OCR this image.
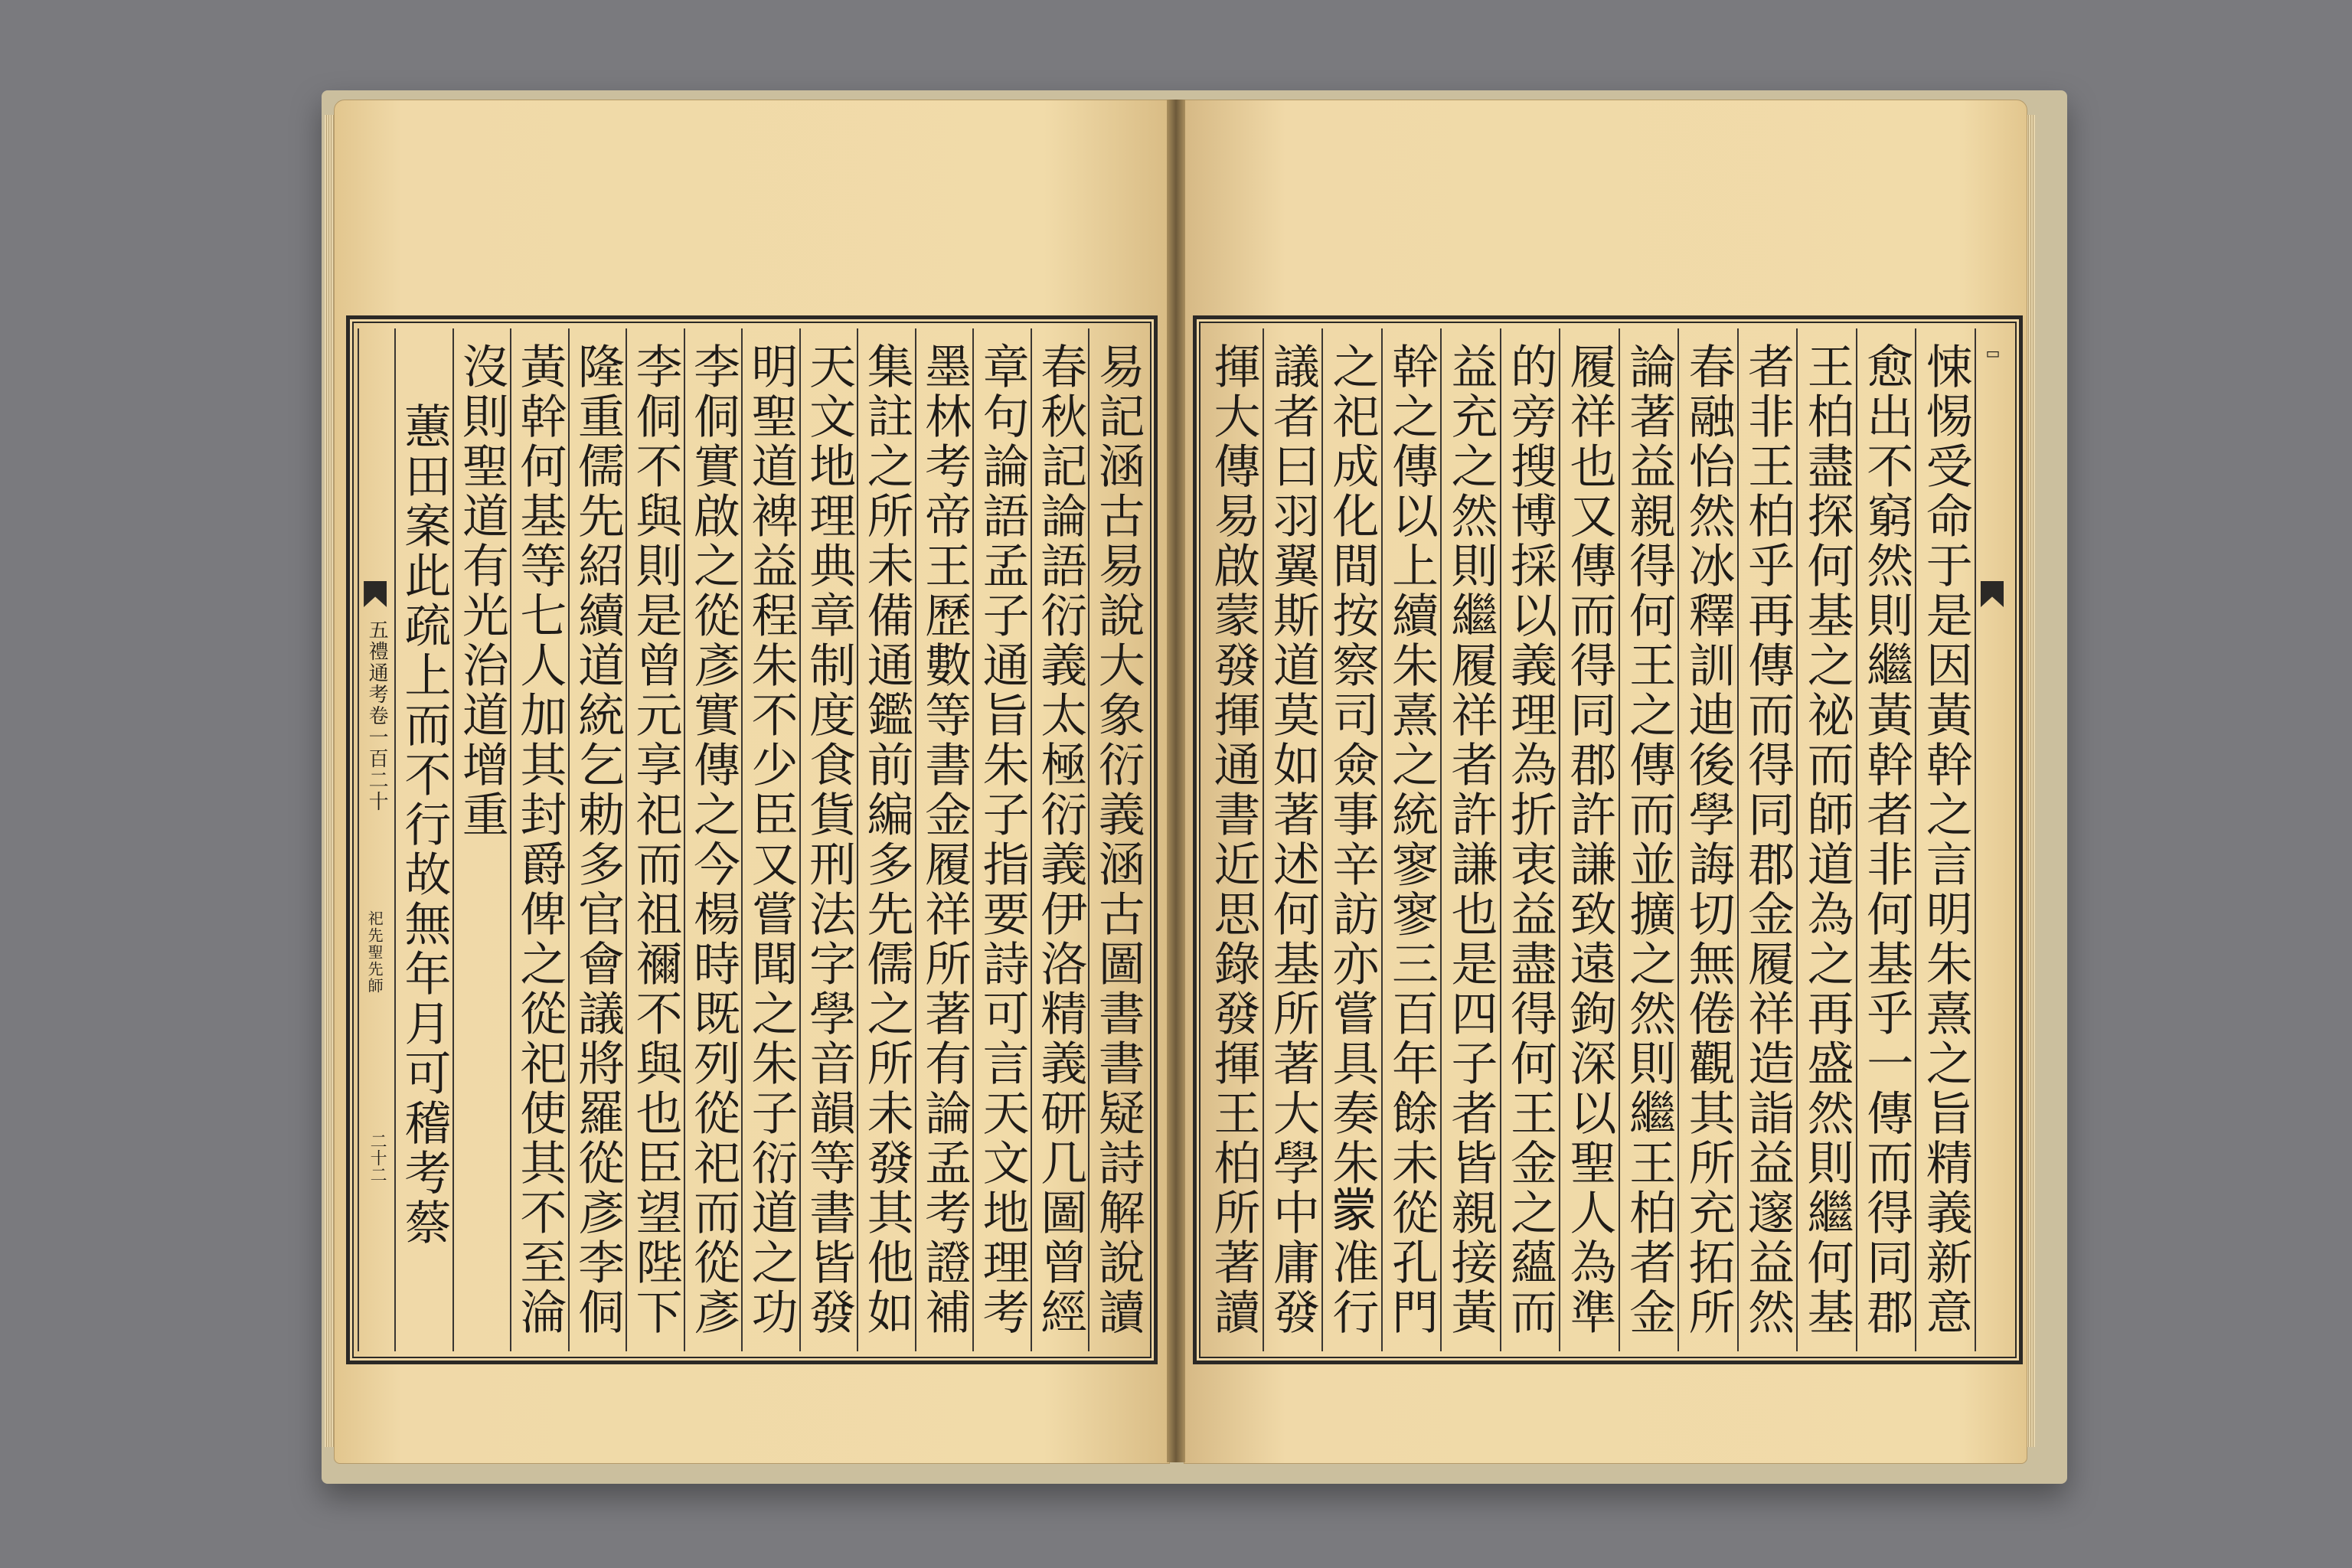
易記涵古易說大象衍義涵古圖書書疑詩解說讀
春秋記論語衍義太極衍義伊洛精義研几圖曾經
章句論語孟子通旨朱子指要詩可言天文地理考
墨林考帝王歷數等書金履祥所著有論孟考證補
集註之所未備通鑑前編多先儒之所未發其他如
天文地理典章制度食貨刑法字學音韻等書皆發
明聖道裨益程朱不少臣又嘗聞之朱子衍道之功
李侗實啟之從彥實傳之今楊時既列從祀而從彥
李侗不與則是曾元享祀而祖禰不與也臣望陛下
隆重儒先紹續道統乞勅多官會議將羅從彥李侗
黃幹何基等七人加其封爵俾之從祀使其不至淪
沒則聖道有光治道增重
蕙田案此疏上而不行故無年月可稽考蔡
五禮通考卷一百二十
祀先聖先師
二十二
▭
悚惕受命于是因黃幹之言明朱熹之旨精義新意
愈出不窮然則繼黃幹者非何基乎一傳而得同郡
王柏盡探何基之祕而師道為之再盛然則繼何基
者非王柏乎再傳而得同郡金履祥造詣益邃益然
春融怡然冰釋訓迪後學誨切無倦觀其所充拓所
論著益親得何王之傳而並擴之然則繼王柏者金
履祥也又傳而得同郡許謙致遠鉤深以聖人為準
的旁搜博採以義理為折衷益盡得何王金之蘊而
益充之然則繼履祥者許謙也是四子者皆親接黃
幹之傳以上續朱熹之統寥寥三百年餘未從孔門
之祀成化間按察司僉事辛訪亦嘗具奏朱𫎇准行
議者曰羽翼斯道莫如著述何基所著大學中庸發
揮大傳易啟蒙發揮通書近思錄發揮王柏所著讀
